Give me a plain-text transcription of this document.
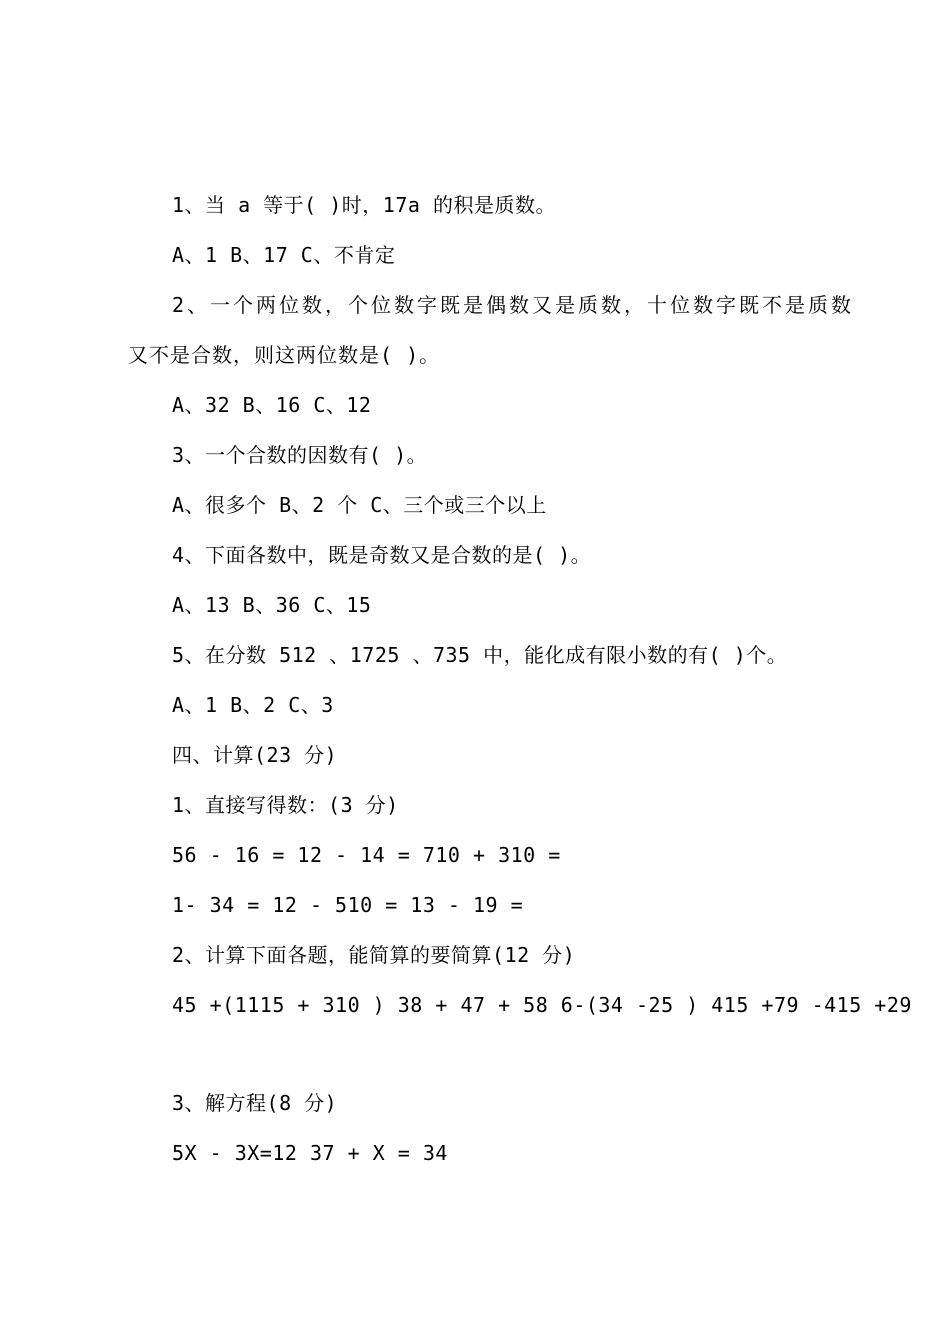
1、当 a 等于( )时，17a 的积是质数。
A、1 B、17 C、不肯定
2、一个两位数，个位数字既是偶数又是质数，十位数字既不是质数
又不是合数，则这两位数是( )。
A、32 B、16 C、12
3、一个合数的因数有( )。
A、很多个 B、2 个 C、三个或三个以上
4、下面各数中，既是奇数又是合数的是( )。
A、13 B、36 C、15
5、在分数 512 、1725 、735 中，能化成有限小数的有( )个。
A、1 B、2 C、3
四、计算(23 分)
1、直接写得数：(3 分)
56 - 16 = 12 - 14 = 710 + 310 =
1- 34 = 12 - 510 = 13 - 19 =
2、计算下面各题，能简算的要简算(12 分)
45 +(1115 + 310 ) 38 + 47 + 58 6-(34 -25 ) 415 +79 -415 +29
3、解方程(8 分)
5X - 3X=12 37 + X = 34
